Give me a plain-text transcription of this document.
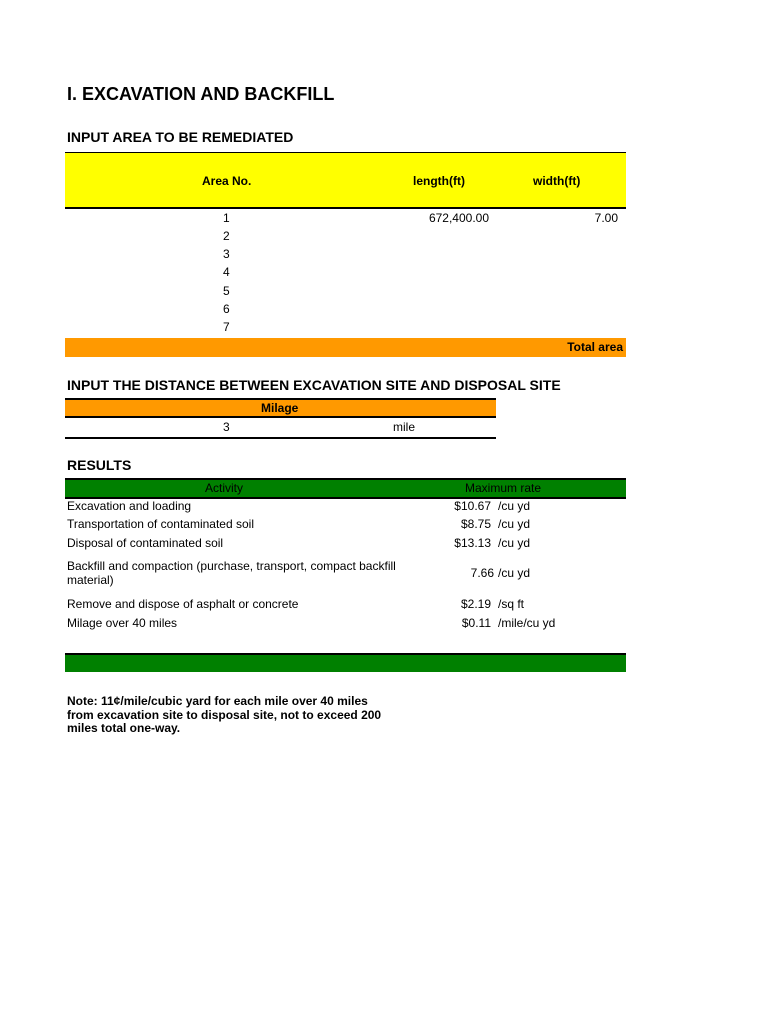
I. EXCAVATION AND BACKFILL
INPUT AREA TO BE REMEDIATED
Area No.	length(ft)	width(ft)
1	672,400.00	7.00
2
3
4
5
6
7
Total area
INPUT THE DISTANCE BETWEEN EXCAVATION SITE AND DISPOSAL SITE
Milage
3	mile
RESULTS
Activity	Maximum rate
Excavation and loading	$10.67 /cu yd
Transportation of contaminated soil	$8.75 /cu yd
Disposal of contaminated soil	$13.13 /cu yd
Backfill and compaction (purchase, transport, compact backfill material)	7.66 /cu yd
Remove and dispose of asphalt or concrete	$2.19 /sq ft
Milage over 40 miles	$0.11 /mile/cu yd
Note: 11¢/mile/cubic yard for each mile over 40 miles from excavation site to disposal site, not to exceed 200 miles total one-way.
